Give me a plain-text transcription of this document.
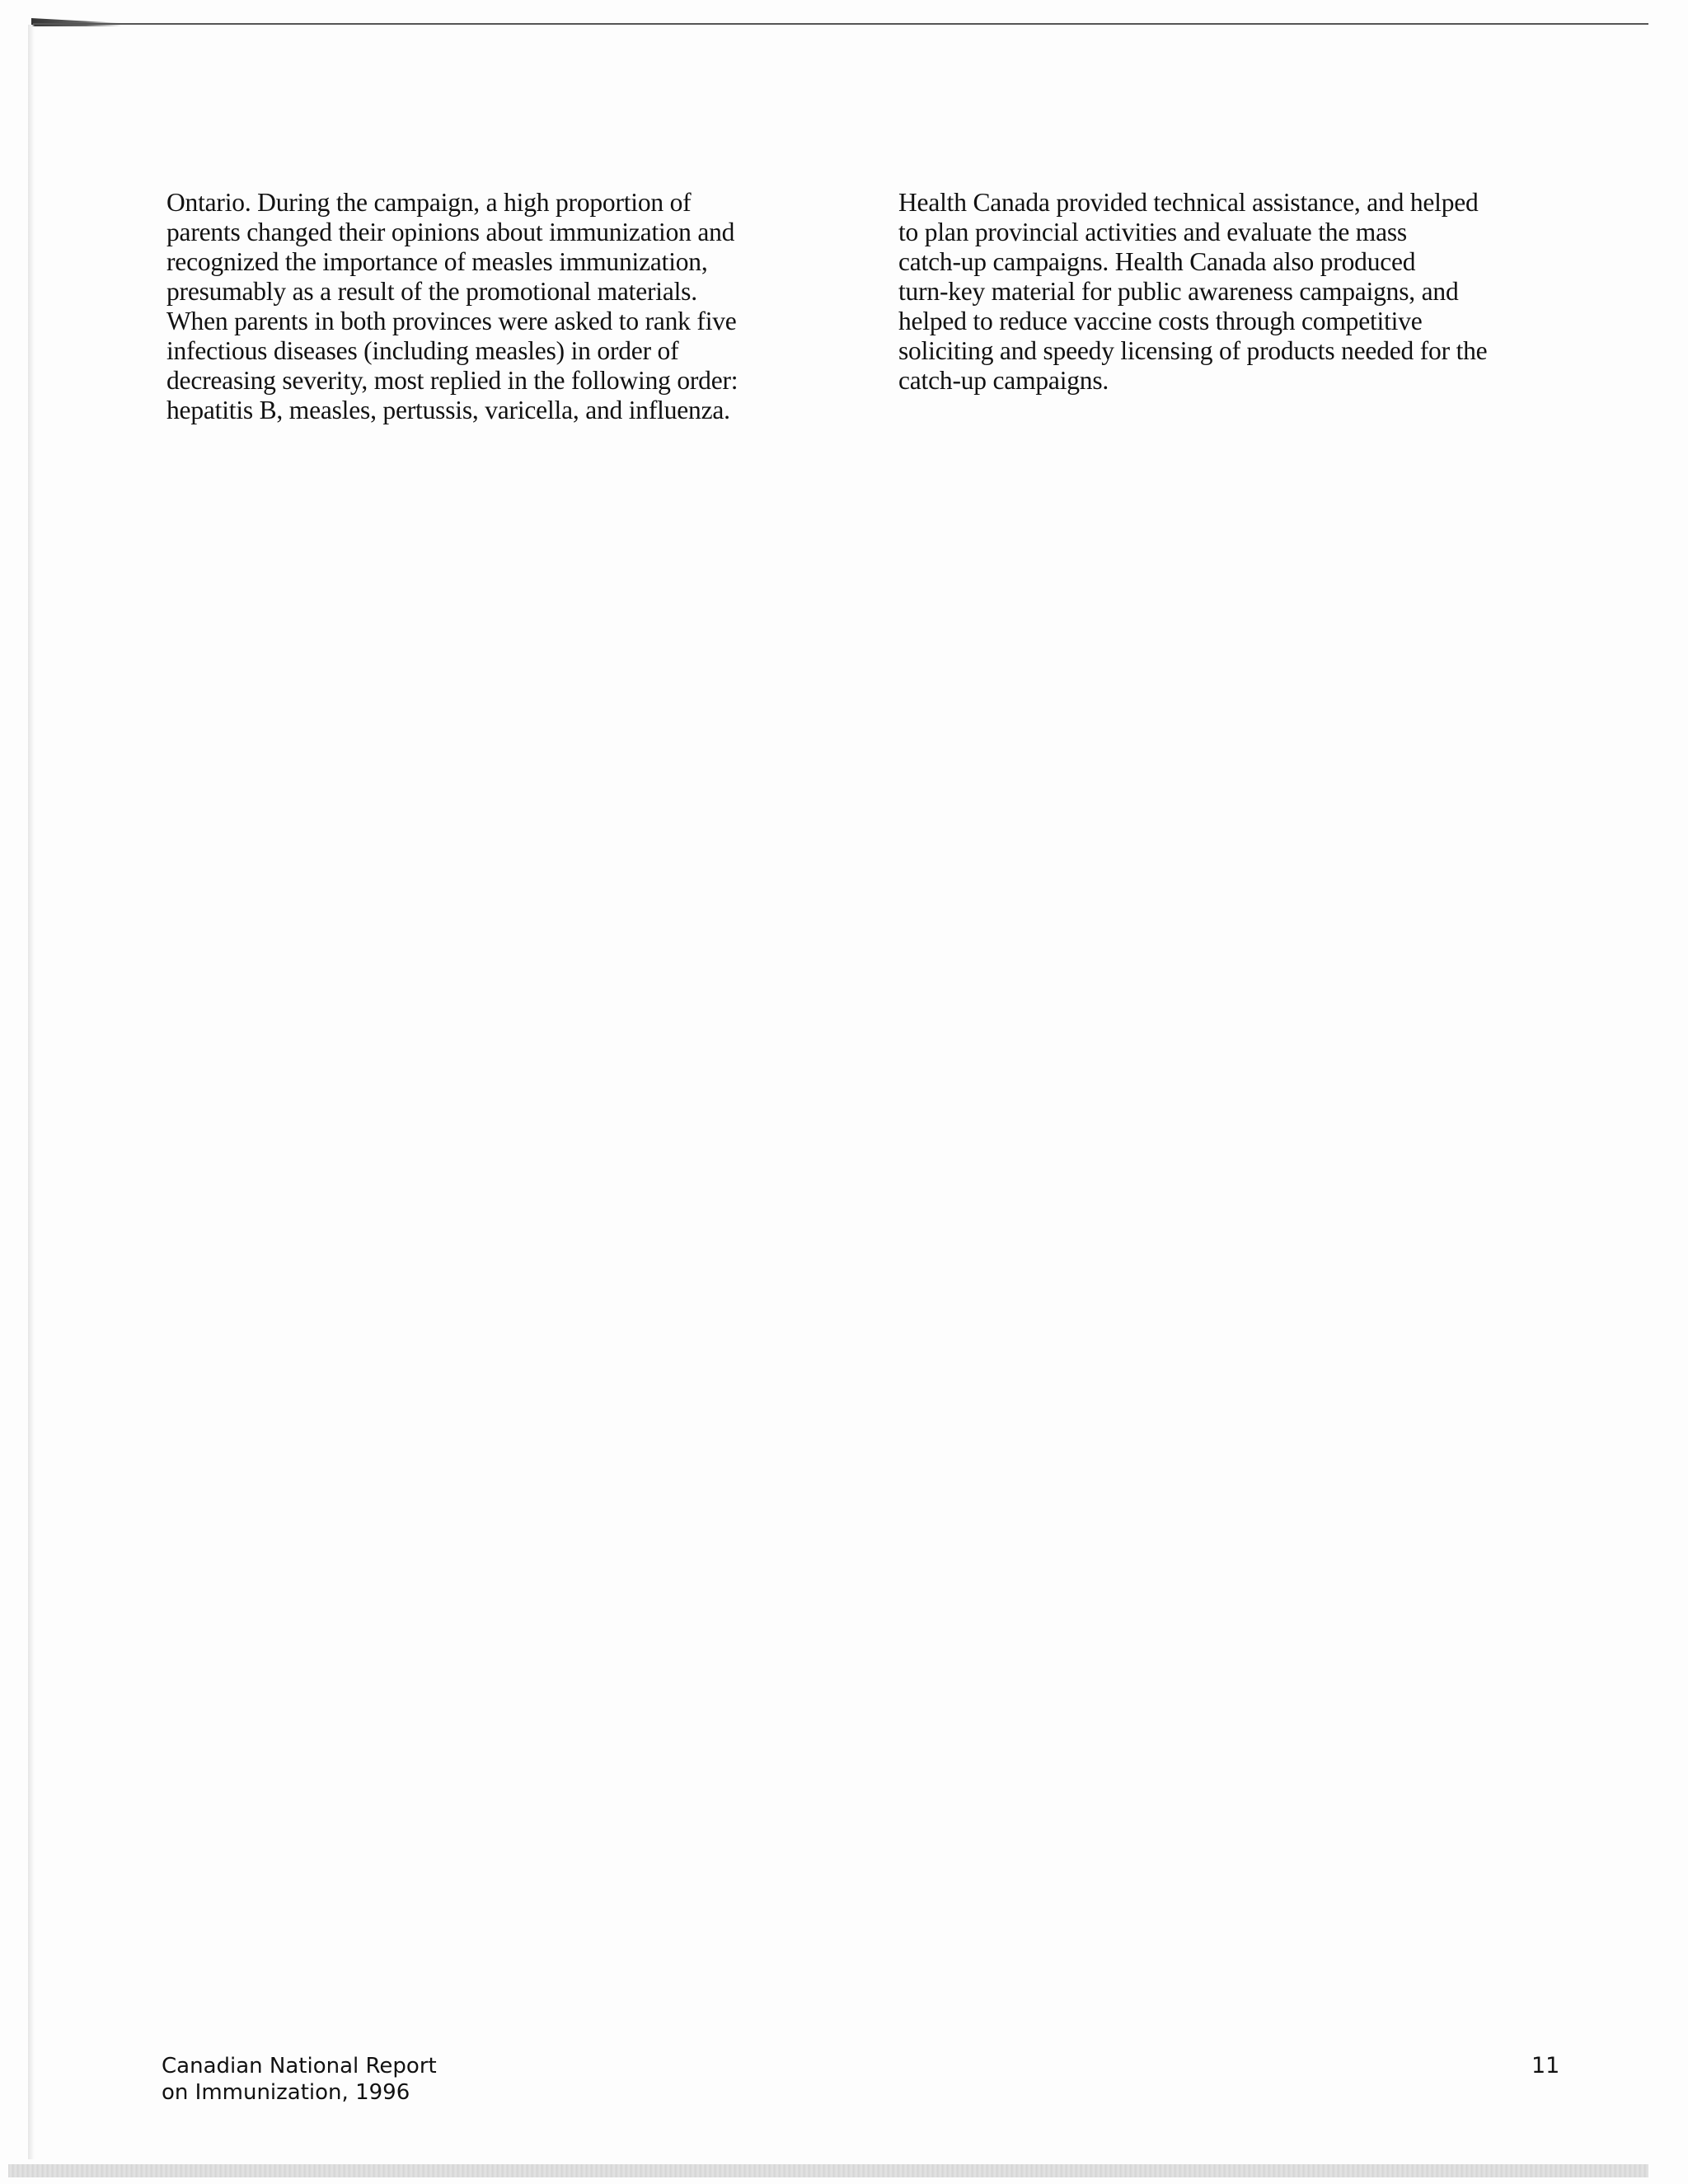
Ontario. During the campaign, a high proportion of
parents changed their opinions about immunization and
recognized the importance of measles immunization,
presumably as a result of the promotional materials.
When parents in both provinces were asked to rank five
infectious diseases (including measles) in order of
decreasing severity, most replied in the following order:
hepatitis B, measles, pertussis, varicella, and influenza.
Health Canada provided technical assistance, and helped
to plan provincial activities and evaluate the mass
catch-up campaigns. Health Canada also produced
turn-key material for public awareness campaigns, and
helped to reduce vaccine costs through competitive
soliciting and speedy licensing of products needed for the
catch-up campaigns.
Canadian National Report
on Immunization, 1996
11
